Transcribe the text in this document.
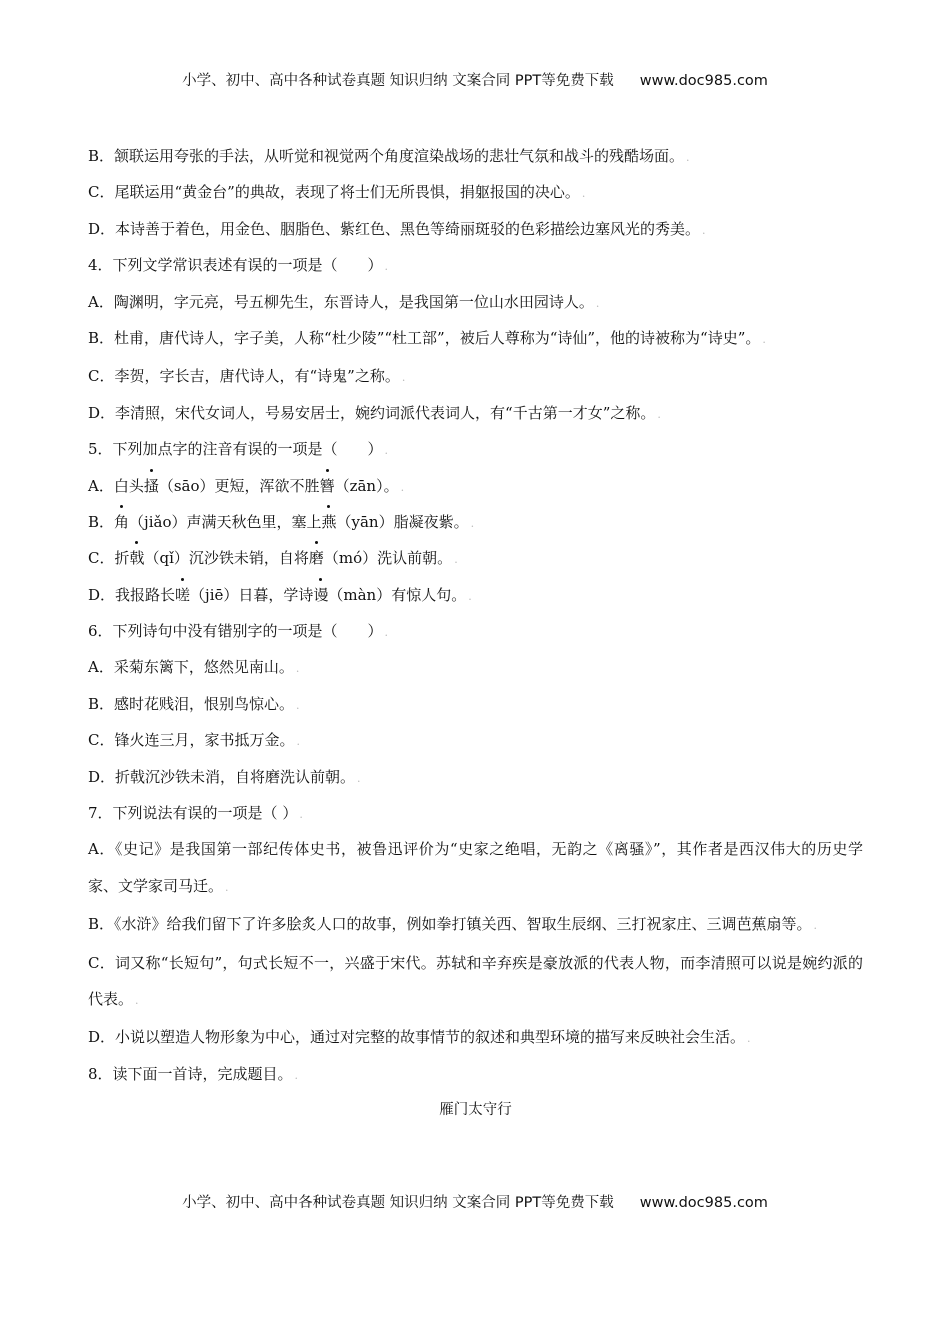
小学、初中、高中各种试卷真题 知识归纳 文案合同 PPT等免费下载 www.doc985.com
B．颔联运用夸张的手法，从听觉和视觉两个角度渲染战场的悲壮气氛和战斗的残酷场面。 .
C．尾联运用“黄金台”的典故，表现了将士们无所畏惧，捐躯报国的决心。 .
D．本诗善于着色，用金色、胭脂色、紫红色、黑色等绮丽斑驳的色彩描绘边塞风光的秀美。 .
4．下列文学常识表述有误的一项是（　　） .
A．陶渊明，字元亮，号五柳先生，东晋诗人，是我国第一位山水田园诗人。 .
B．杜甫，唐代诗人，字子美，人称“杜少陵”“杜工部”，被后人尊称为“诗仙”，他的诗被称为“诗史”。 .
C．李贺，字长吉，唐代诗人，有“诗鬼”之称。 .
D．李清照，宋代女词人，号易安居士，婉约词派代表词人，有“千古第一才女”之称。 .
5．下列加点字的注音有误的一项是（　　） .
A．白头搔（sāo）更短，浑欲不胜簪（zān）。 .
B．角（jiǎo）声满天秋色里，塞上燕（yān）脂凝夜紫。 .
C．折戟（qǐ）沉沙铁未销，自将磨（mó）洗认前朝。 .
D．我报路长嗟（jiē）日暮，学诗谩（màn）有惊人句。 .
6．下列诗句中没有错别字的一项是（　　） .
A．采菊东篱下，悠然见南山。 .
B．感时花贱泪，恨别鸟惊心。 .
C．锋火连三月，家书抵万金。 .
D．折戟沉沙铁未消，自将磨洗认前朝。 .
7．下列说法有误的一项是（ ） .
A．《史记》是我国第一部纪传体史书，被鲁迅评价为“史家之绝唱，无韵之《离骚》”，其作者是西汉伟大的历史学家、文学家司马迁。 .
B．《水浒》给我们留下了许多脍炙人口的故事，例如拳打镇关西、智取生辰纲、三打祝家庄、三调芭蕉扇等。 .
C．词又称“长短句”，句式长短不一，兴盛于宋代。苏轼和辛弃疾是豪放派的代表人物，而李清照可以说是婉约派的代表。 .
D．小说以塑造人物形象为中心，通过对完整的故事情节的叙述和典型环境的描写来反映社会生活。 .
8．读下面一首诗，完成题目。 .
雁门太守行
小学、初中、高中各种试卷真题 知识归纳 文案合同 PPT等免费下载 www.doc985.com
